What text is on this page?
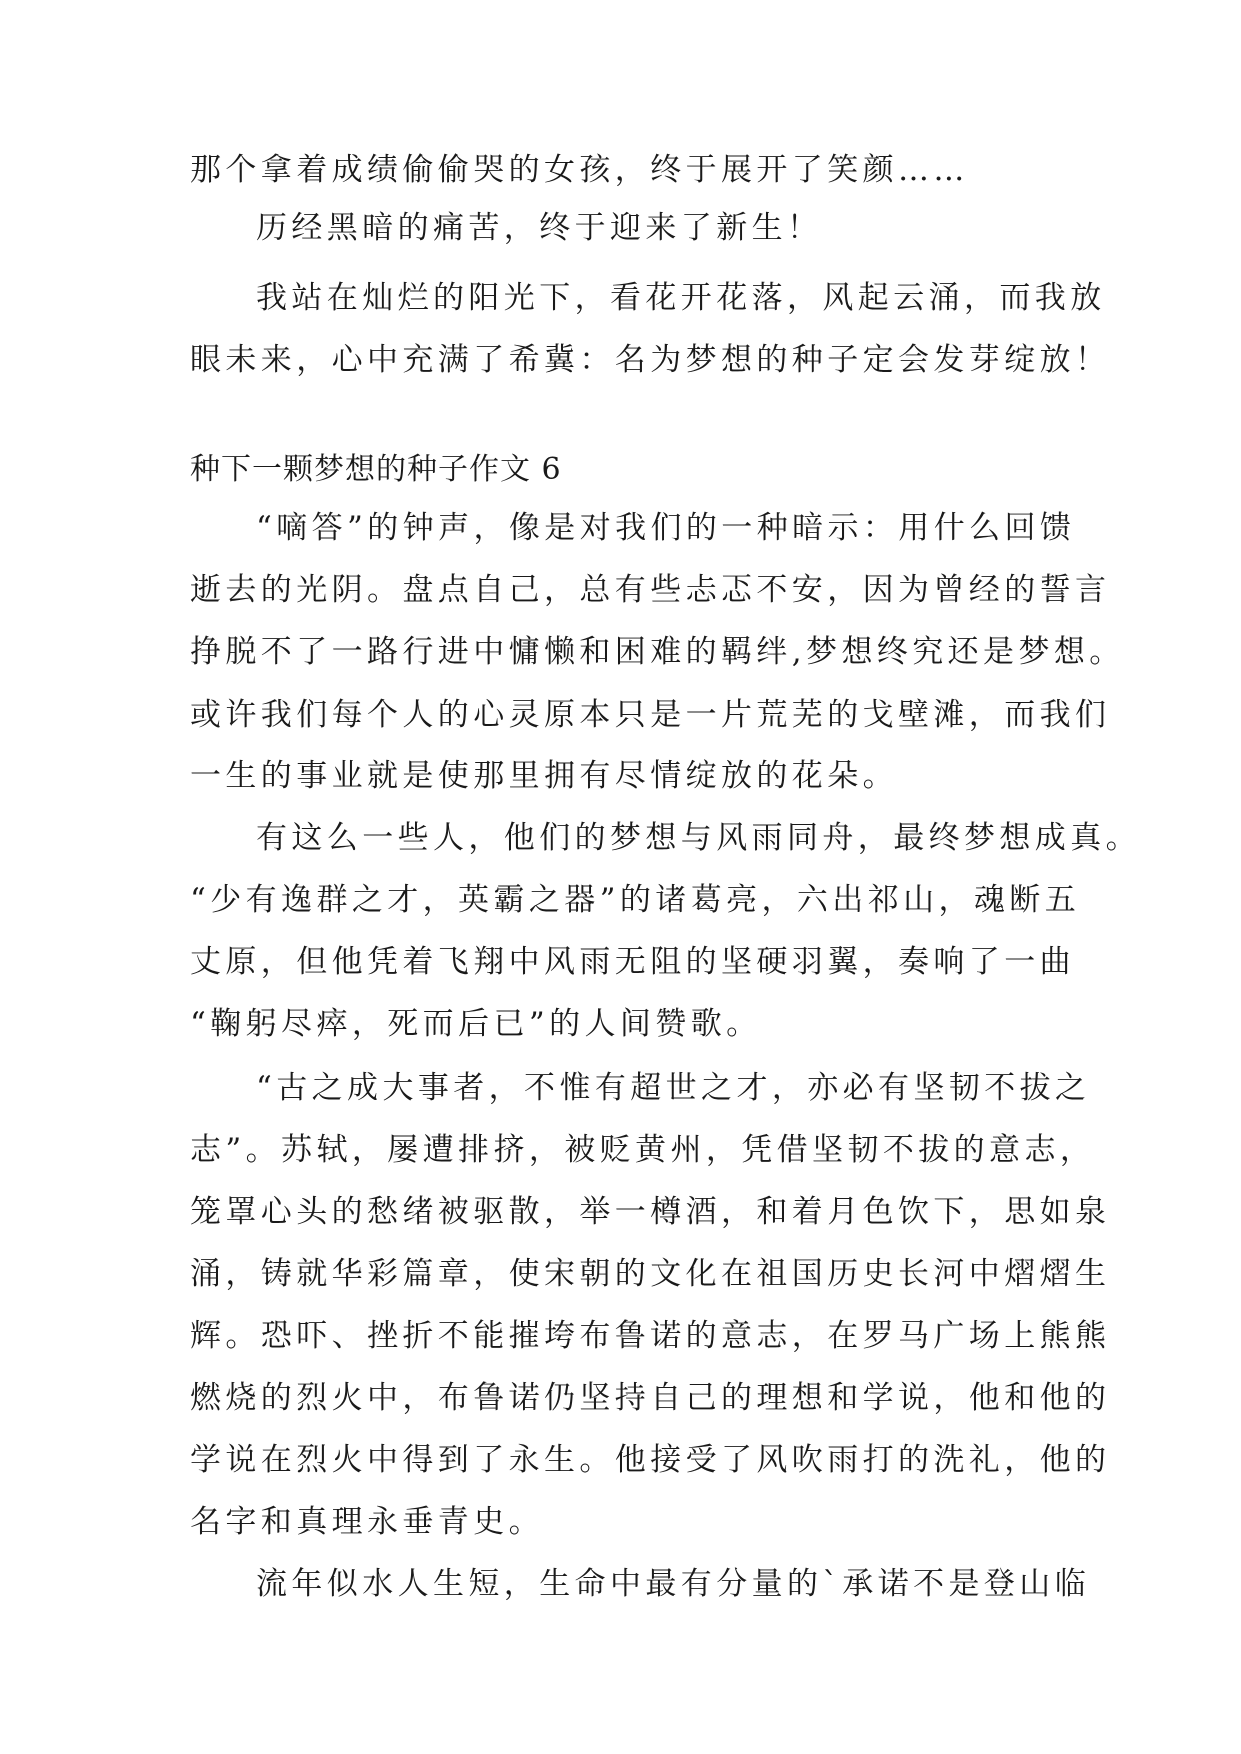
那个拿着成绩偷偷哭的女孩，终于展开了笑颜……
历经黑暗的痛苦，终于迎来了新生！
我站在灿烂的阳光下，看花开花落，风起云涌，而我放
眼未来，心中充满了希冀：名为梦想的种子定会发芽绽放！
种下一颗梦想的种子作文 6
“嘀答”的钟声，像是对我们的一种暗示：用什么回馈
逝去的光阴。盘点自己，总有些忐忑不安，因为曾经的誓言
挣脱不了一路行进中慵懒和困难的羁绊,梦想终究还是梦想。
或许我们每个人的心灵原本只是一片荒芜的戈壁滩，而我们
一生的事业就是使那里拥有尽情绽放的花朵。
有这么一些人，他们的梦想与风雨同舟，最终梦想成真。
“少有逸群之才，英霸之器”的诸葛亮，六出祁山，魂断五
丈原，但他凭着飞翔中风雨无阻的坚硬羽翼，奏响了一曲
“鞠躬尽瘁，死而后已”的人间赞歌。
“古之成大事者，不惟有超世之才，亦必有坚韧不拔之
志”。苏轼，屡遭排挤，被贬黄州，凭借坚韧不拔的意志，
笼罩心头的愁绪被驱散，举一樽酒，和着月色饮下，思如泉
涌，铸就华彩篇章，使宋朝的文化在祖国历史长河中熠熠生
辉。恐吓、挫折不能摧垮布鲁诺的意志，在罗马广场上熊熊
燃烧的烈火中，布鲁诺仍坚持自己的理想和学说，他和他的
学说在烈火中得到了永生。他接受了风吹雨打的洗礼，他的
名字和真理永垂青史。
流年似水人生短，生命中最有分量的`承诺不是登山临
